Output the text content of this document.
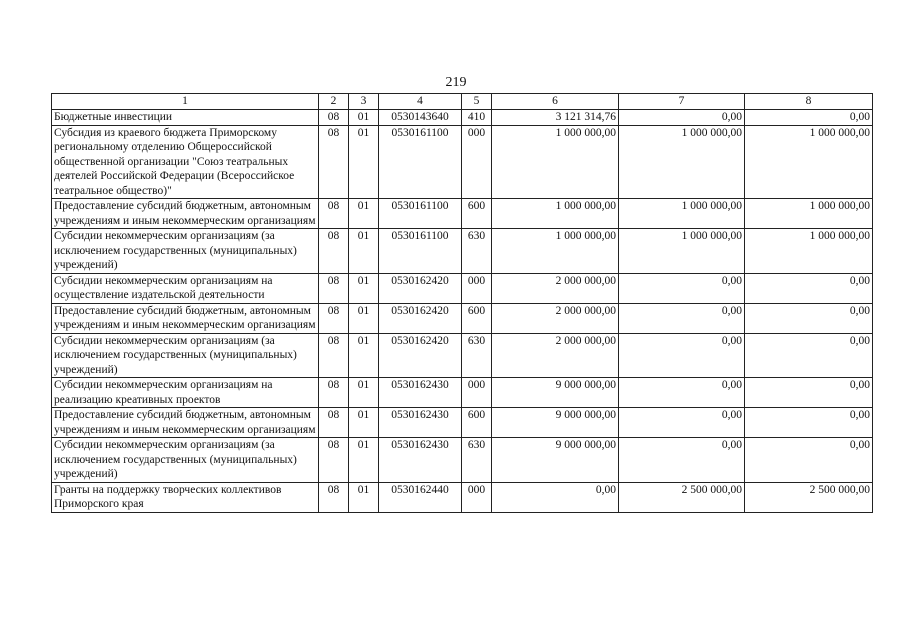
219
1	2	3	4	5	6	7	8
Бюджетные инвестиции	08	01	0530143640	410	3 121 314,76	0,00	0,00
Субсидия из краевого бюджета Приморскому региональному отделению Общероссийской общественной организации "Союз театральных деятелей Российской Федерации (Всероссийское театральное общество)"	08	01	0530161100	000	1 000 000,00	1 000 000,00	1 000 000,00
Предоставление субсидий бюджетным, автономным учреждениям и иным некоммерческим организациям	08	01	0530161100	600	1 000 000,00	1 000 000,00	1 000 000,00
Субсидии некоммерческим организациям (за исключением государственных (муниципальных) учреждений)	08	01	0530161100	630	1 000 000,00	1 000 000,00	1 000 000,00
Субсидии некоммерческим организациям на осуществление издательской деятельности	08	01	0530162420	000	2 000 000,00	0,00	0,00
Предоставление субсидий бюджетным, автономным учреждениям и иным некоммерческим организациям	08	01	0530162420	600	2 000 000,00	0,00	0,00
Субсидии некоммерческим организациям (за исключением государственных (муниципальных) учреждений)	08	01	0530162420	630	2 000 000,00	0,00	0,00
Субсидии некоммерческим организациям на реализацию креативных проектов	08	01	0530162430	000	9 000 000,00	0,00	0,00
Предоставление субсидий бюджетным, автономным учреждениям и иным некоммерческим организациям	08	01	0530162430	600	9 000 000,00	0,00	0,00
Субсидии некоммерческим организациям (за исключением государственных (муниципальных) учреждений)	08	01	0530162430	630	9 000 000,00	0,00	0,00
Гранты на поддержку творческих коллективов Приморского края	08	01	0530162440	000	0,00	2 500 000,00	2 500 000,00
